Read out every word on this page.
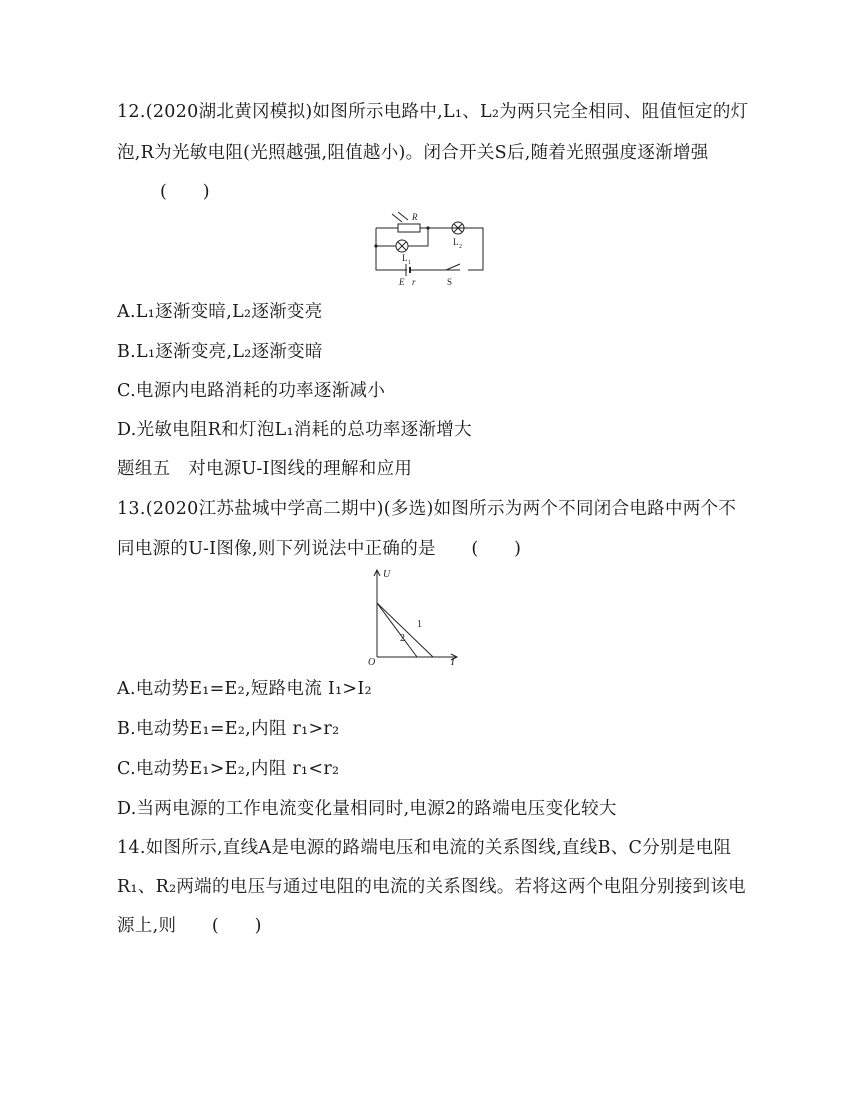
12.(2020湖北黄冈模拟)如图所示电路中,L₁、L₂为两只完全相同、阻值恒定的灯
泡,R为光敏电阻(光照越强,阻值越小)。闭合开关S后,随着光照强度逐渐增强
(　　)
R
L 2
L 1
E r	S
A.L₁逐渐变暗,L₂逐渐变亮
B.L₁逐渐变亮,L₂逐渐变暗
C.电源内电路消耗的功率逐渐减小
D.光敏电阻R和灯泡L₁消耗的总功率逐渐增大
题组五　对电源U-I图线的理解和应用
13.(2020江苏盐城中学高二期中)(多选)如图所示为两个不同闭合电路中两个不
同电源的U-I图像,则下列说法中正确的是　　(　　)
U
I
O
1
2
A.电动势E₁=E₂,短路电流 I₁>I₂
B.电动势E₁=E₂,内阻 r₁>r₂
C.电动势E₁>E₂,内阻 r₁<r₂
D.当两电源的工作电流变化量相同时,电源2的路端电压变化较大
14.如图所示,直线A是电源的路端电压和电流的关系图线,直线B、C分别是电阻
R₁、R₂两端的电压与通过电阻的电流的关系图线。若将这两个电阻分别接到该电
源上,则　　(　　)
